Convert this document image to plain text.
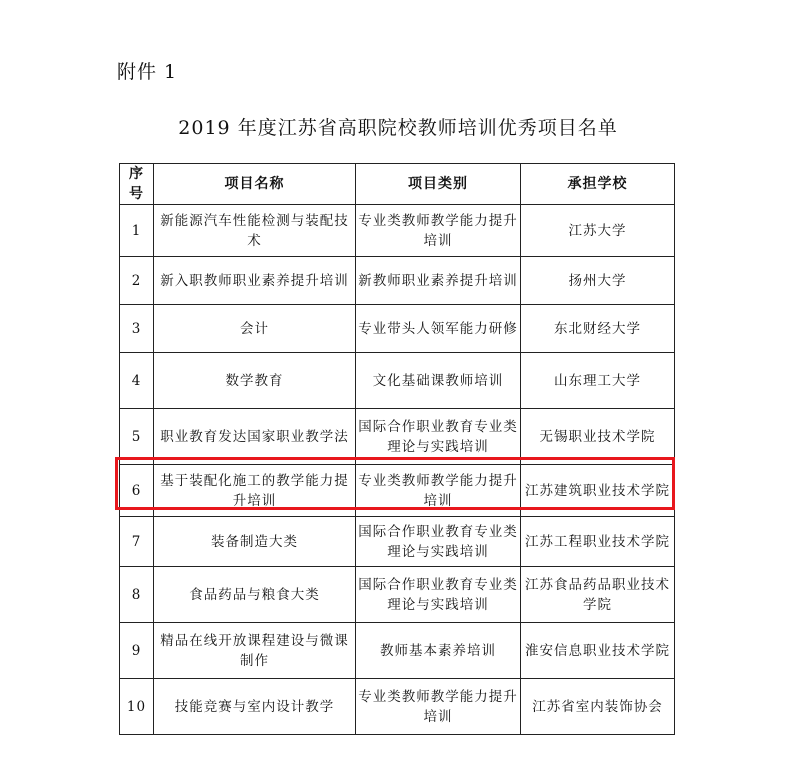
附件 1
2019 年度江苏省高职院校教师培训优秀项目名单
序号	项目名称	项目类别	承担学校
1	新能源汽车性能检测与装配技术	专业类教师教学能力提升培训	江苏大学
2	新入职教师职业素养提升培训	新教师职业素养提升培训	扬州大学
3	会计	专业带头人领军能力研修	东北财经大学
4	数学教育	文化基础课教师培训	山东理工大学
5	职业教育发达国家职业教学法	国际合作职业教育专业类理论与实践培训	无锡职业技术学院
6	基于装配化施工的教学能力提升培训	专业类教师教学能力提升培训	江苏建筑职业技术学院
7	装备制造大类	国际合作职业教育专业类理论与实践培训	江苏工程职业技术学院
8	食品药品与粮食大类	国际合作职业教育专业类理论与实践培训	江苏食品药品职业技术学院
9	精品在线开放课程建设与微课制作	教师基本素养培训	淮安信息职业技术学院
10	技能竞赛与室内设计教学	专业类教师教学能力提升培训	江苏省室内装饰协会
